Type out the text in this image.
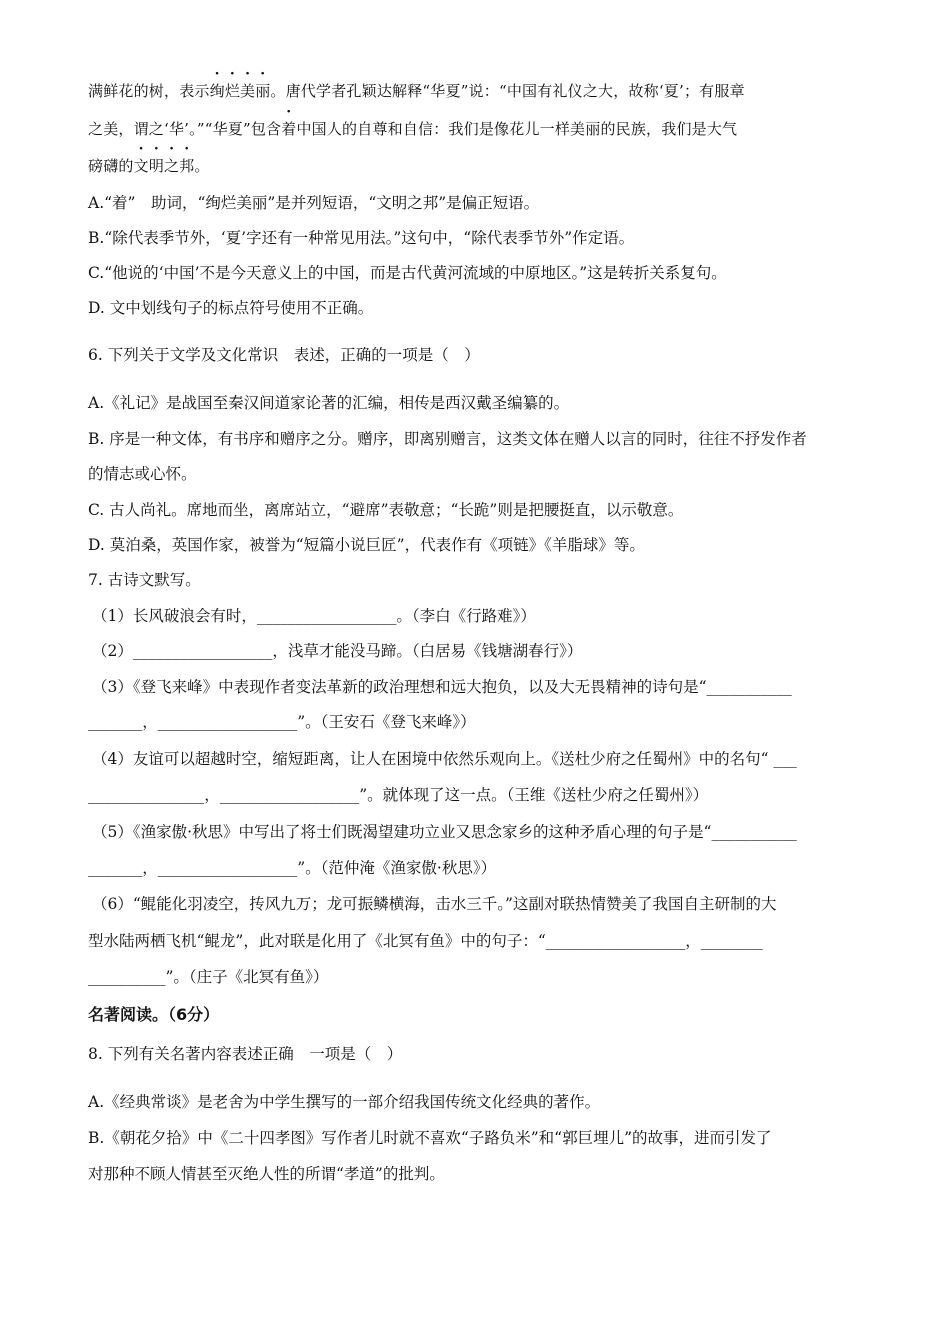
满鲜花的树，表示绚烂美丽。唐代学者孔颖达解释“华夏”说：“中国有礼仪之大，故称‘夏’；有服章
之美，谓之‘华’。”“华夏”包含着中国人的自尊和自信：我们是像花儿一样美丽的民族，我们是大气
磅礴的文明之邦。
A.“着”　助词，“绚烂美丽”是并列短语，“文明之邦”是偏正短语。
B.“除代表季节外，‘夏’字还有一种常见用法。”这句中，“除代表季节外”作定语。
C.“他说的‘中国’不是今天意义上的中国，而是古代黄河流域的中原地区。”这是转折关系复句。
D. 文中划线句子的标点符号使用不正确。
6. 下列关于文学及文化常识　表述，正确的一项是（　）
A.《礼记》是战国至秦汉间道家论著的汇编，相传是西汉戴圣编纂的。
B. 序是一种文体，有书序和赠序之分。赠序，即离别赠言，这类文体在赠人以言的同时，往往不抒发作者
的情志或心怀。
C. 古人尚礼。席地而坐，离席站立，“避席”表敬意；“长跪”则是把腰挺直，以示敬意。
D. 莫泊桑，英国作家，被誉为“短篇小说巨匠”，代表作有《项链》《羊脂球》等。
7. 古诗文默写。
（1）长风破浪会有时，__________________。（李白《行路难》）
（2）__________________，浅草才能没马蹄。（白居易《钱塘湖春行》）
（3）《登飞来峰》中表现作者变法革新的政治理想和远大抱负，以及大无畏精神的诗句是“___________
_______，__________________”。（王安石《登飞来峰》）
（4）友谊可以超越时空，缩短距离，让人在困境中依然乐观向上。《送杜少府之任蜀州》中的名句“ ___
_______________，__________________”。就体现了这一点。（王维《送杜少府之任蜀州》）
（5）《渔家傲·秋思》中写出了将士们既渴望建功立业又思念家乡的这种矛盾心理的句子是“___________
_______，__________________”。（范仲淹《渔家傲·秋思》）
（6）“鲲能化羽凌空，抟风九万；龙可振鳞横海，击水三千。”这副对联热情赞美了我国自主研制的大
型水陆两栖飞机“鲲龙”，此对联是化用了《北冥有鱼》中的句子：“__________________，________
__________”。（庄子《北冥有鱼》）
名著阅读。（6分）
8. 下列有关名著内容表述正确　一项是（　）
A.《经典常谈》是老舍为中学生撰写的一部介绍我国传统文化经典的著作。
B.《朝花夕拾》中《二十四孝图》写作者儿时就不喜欢“子路负米”和“郭巨埋儿”的故事，进而引发了
对那种不顾人情甚至灭绝人性的所谓“孝道”的批判。
